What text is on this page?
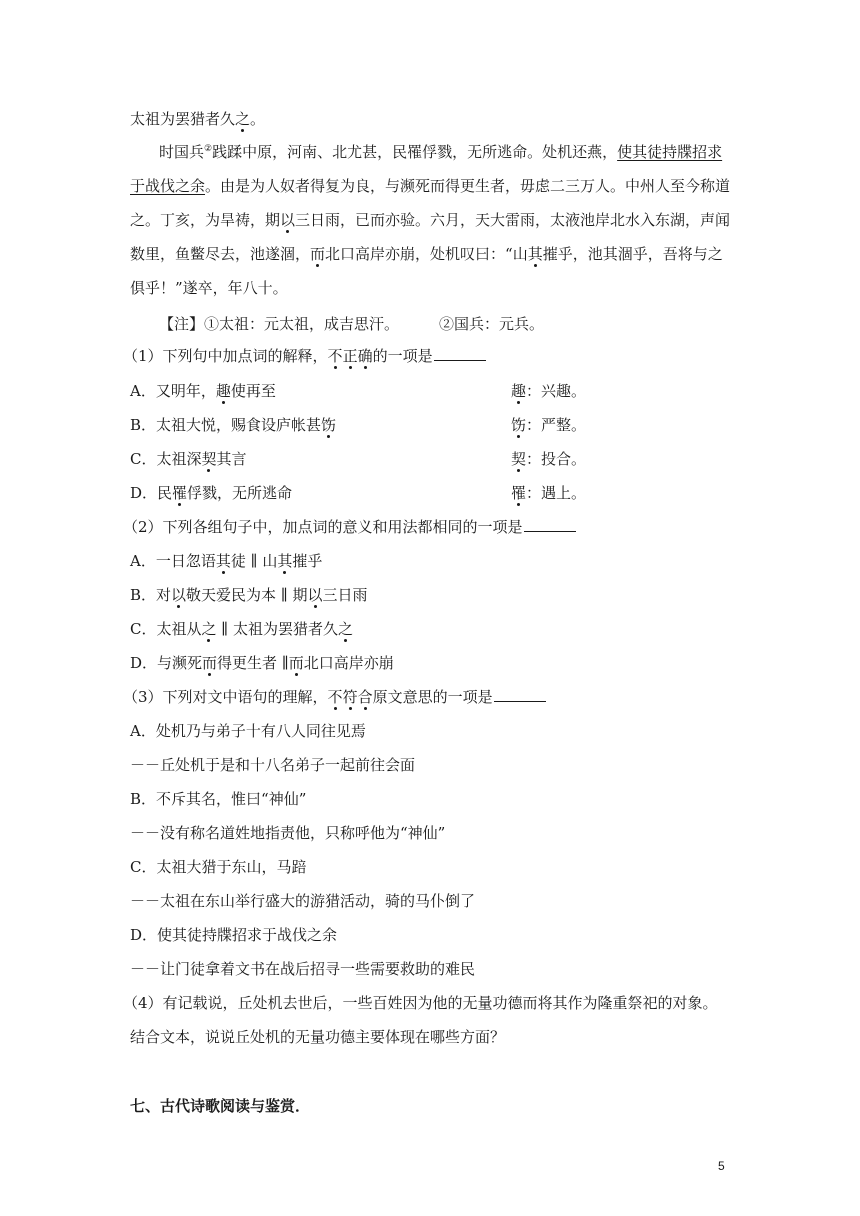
太祖为罢猎者久之。
时国兵②践蹂中原，河南、北尤甚，民罹俘戮，无所逃命。处机还燕，使其徒持牒招求
于战伐之余。由是为人奴者得复为良，与濒死而得更生者，毋虑二三万人。中州人至今称道
之。丁亥，为旱祷，期以三日雨，已而亦验。六月，天大雷雨，太液池岸北水入东湖，声闻
数里，鱼鳖尽去，池遂涸，而北口高岸亦崩，处机叹曰：“山其摧乎，池其涸乎，吾将与之
俱乎！”遂卒，年八十。
【注】①太祖：元太祖，成吉思汗。	②国兵：元兵。
（1）下列句中加点词的解释，不正确的一项是
A．又明年，趣使再至	趣：兴趣。
B．太祖大悦，赐食设庐帐甚饬	饬：严整。
C．太祖深契其言	契：投合。
D．民罹俘戮，无所逃命	罹：遇上。
（2）下列各组句子中，加点词的意义和用法都相同的一项是
A．一日忽语其徒 ∥ 山其摧乎
B．对以敬天爱民为本 ∥ 期以三日雨
C．太祖从之 ∥ 太祖为罢猎者久之
D．与濒死而得更生者 ∥而北口高岸亦崩
（3）下列对文中语句的理解，不符合原文意思的一项是
A．处机乃与弟子十有八人同往见焉
－－丘处机于是和十八名弟子一起前往会面
B．不斥其名，惟曰“神仙”
－－没有称名道姓地指责他，只称呼他为“神仙”
C．太祖大猎于东山，马踣
－－太祖在东山举行盛大的游猎活动，骑的马仆倒了
D．使其徒持牒招求于战伐之余
－－让门徒拿着文书在战后招寻一些需要救助的难民
（4）有记载说，丘处机去世后，一些百姓因为他的无量功德而将其作为隆重祭祀的对象。
结合文本，说说丘处机的无量功德主要体现在哪些方面？
七、古代诗歌阅读与鉴赏．
5
